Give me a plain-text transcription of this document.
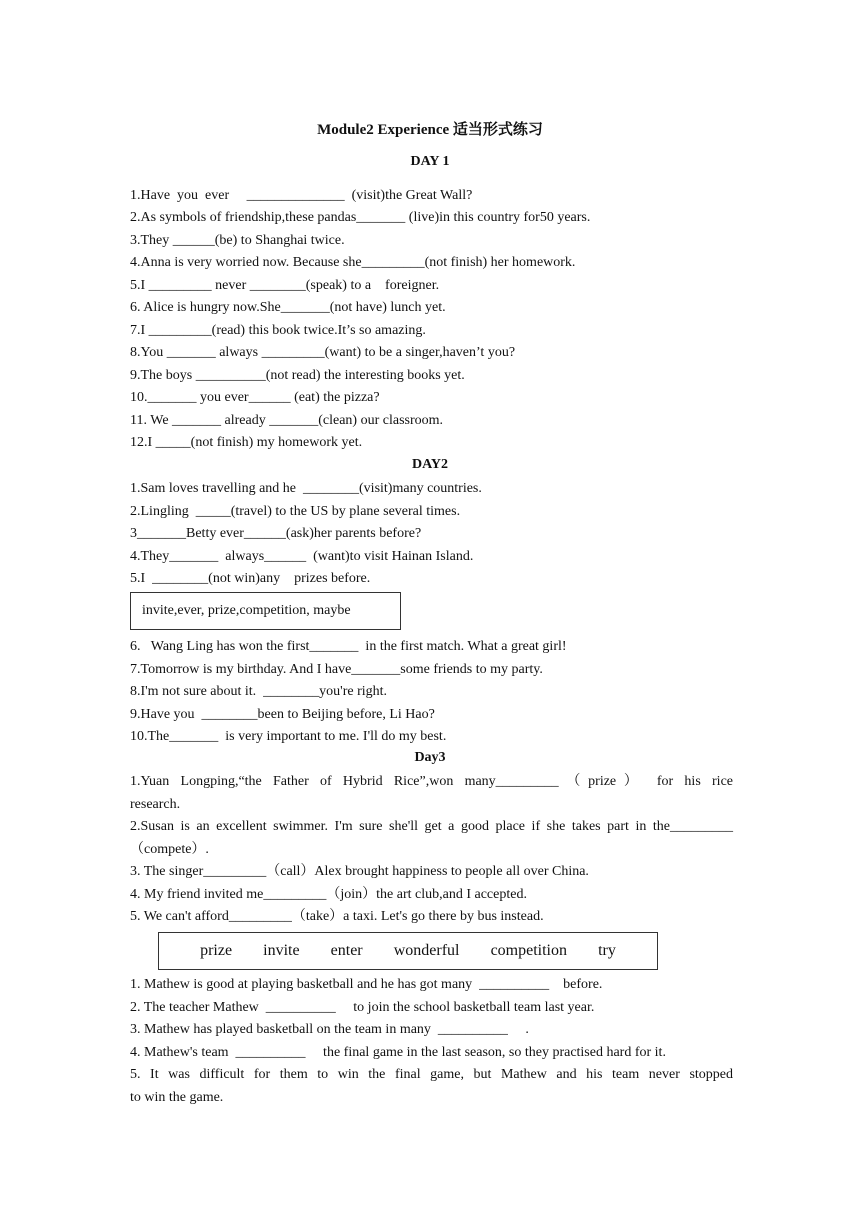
Module2 Experience 适当形式练习
DAY 1
1.Have  you  ever     ______________  (visit)the Great Wall?
2.As symbols of friendship,these pandas_______ (live)in this country for50 years.
3.They ______(be) to Shanghai twice.
4.Anna is very worried now. Because she_________(not finish) her homework.
5.I _________ never ________(speak) to a    foreigner.
6. Alice is hungry now.She_______(not have) lunch yet.
7.I _________(read) this book twice.It’s so amazing.
8.You _______ always _________(want) to be a singer,haven’t you?
9.The boys __________(not read) the interesting books yet.
10._______ you ever______ (eat) the pizza?
11. We _______ already _______(clean) our classroom.
12.I _____(not finish) my homework yet.
DAY2
1.Sam loves travelling and he  ________(visit)many countries.
2.Lingling  _____(travel) to the US by plane several times.
3_______Betty ever______(ask)her parents before?
4.They_______  always______  (want)to visit Hainan Island.
5.I  ________(not win)any    prizes before.
invite,ever, prize,competition, maybe
6.   Wang Ling has won the first_______  in the first match. What a great girl!
7.Tomorrow is my birthday. And I have_______some friends to my party.
8.I'm not sure about it.  ________you're right.
9.Have you  ________been to Beijing before, Li Hao?
10.The_______  is very important to me. I'll do my best.
Day3
1.Yuan Longping,“the Father of Hybrid Rice”,won many_________（prize） for his rice
research.
2.Susan is an excellent swimmer. I'm sure she'll get a good place if she takes part in the_________
（compete）.
3. The singer_________（call）Alex brought happiness to people all over China.
4. My friend invited me_________（join）the art club,and I accepted.
5. We can't afford_________（take）a taxi. Let's go there by bus instead.
prize invite enter wonderful competition try
1. Mathew is good at playing basketball and he has got many  __________    before.
2. The teacher Mathew  __________     to join the school basketball team last year.
3. Mathew has played basketball on the team in many  __________     .
4. Mathew's team  __________     the final game in the last season, so they practised hard for it.
5. It was difficult for them to win the final game, but Mathew and his team never stopped
to win the game.
